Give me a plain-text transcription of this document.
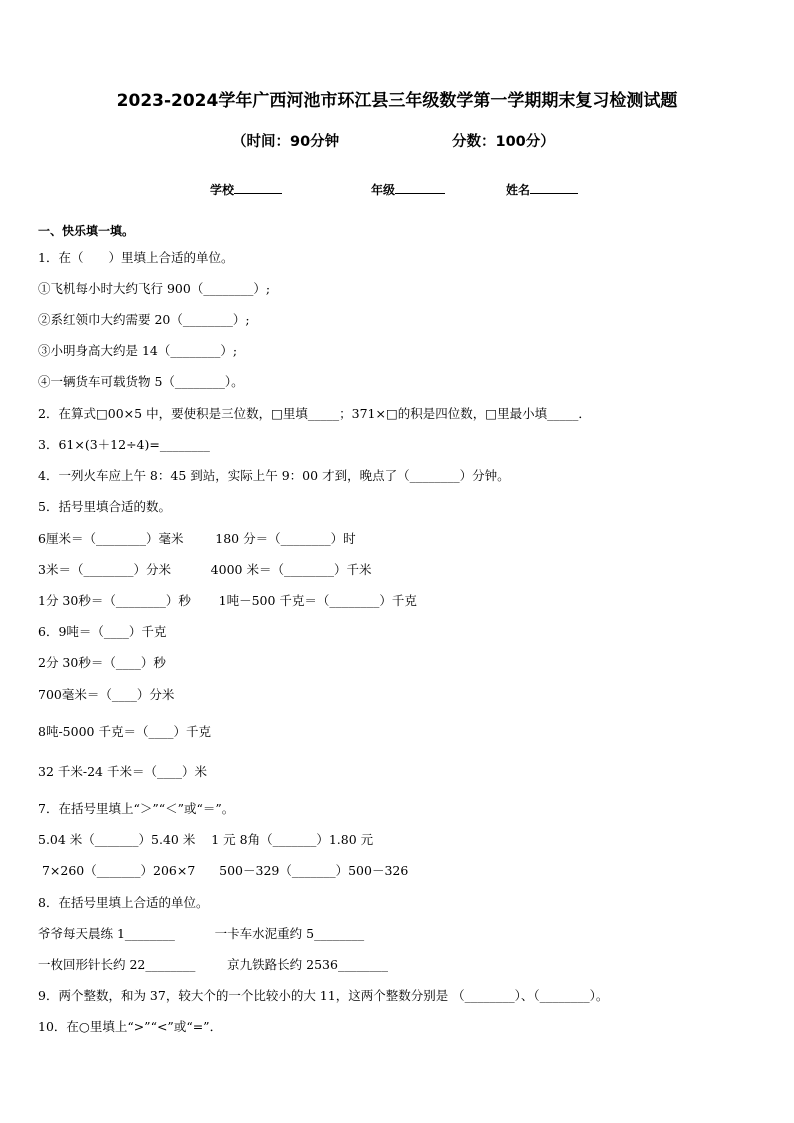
2023-2024学年广西河池市环江县三年级数学第一学期期末复习检测试题
（时间：90分钟	分数：100分）
学校	年级	姓名
一、快乐填一填。
1．在（　　）里填上合适的单位。
①飞机每小时大约飞行 900（________）;
②系红领巾大约需要 20（________）;
③小明身高大约是 14（________）;
④一辆货车可载货物 5（________）。
2．在算式□00×5 中，要使积是三位数，□里填_____；371×□的积是四位数，□里最小填_____．
3．61×(3＋12÷4)=________
4．一列火车应上午 8：45 到站，实际上午 9：00 才到，晚点了（________）分钟。
5．括号里填合适的数。
6厘米＝（________）毫米        180 分＝（________）时
3米＝（________）分米          4000 米＝（________）千米
1分 30秒＝（________）秒       1吨－500 千克＝（________）千克
6．9吨＝（____）千克
2分 30秒＝（____）秒
700毫米＝（____）分米
8吨-5000 千克＝（____）千克
32 千米-24 千米＝（____）米
7．在括号里填上“＞”“＜”或“＝”。
5.04 米（_______）5.40 米    1 元 8角（_______）1.80 元
7×260（_______）206×7      500－329（_______）500－326
8．在括号里填上合适的单位。
爷爷每天晨练 1________          一卡车水泥重约 5________
一枚回形针长约 22________        京九铁路长约 2536________
9．两个整数，和为 37，较大个的一个比较小的大 11，这两个整数分别是 （________）、（________）。
10．在○里填上“>”“<”或“=”．
